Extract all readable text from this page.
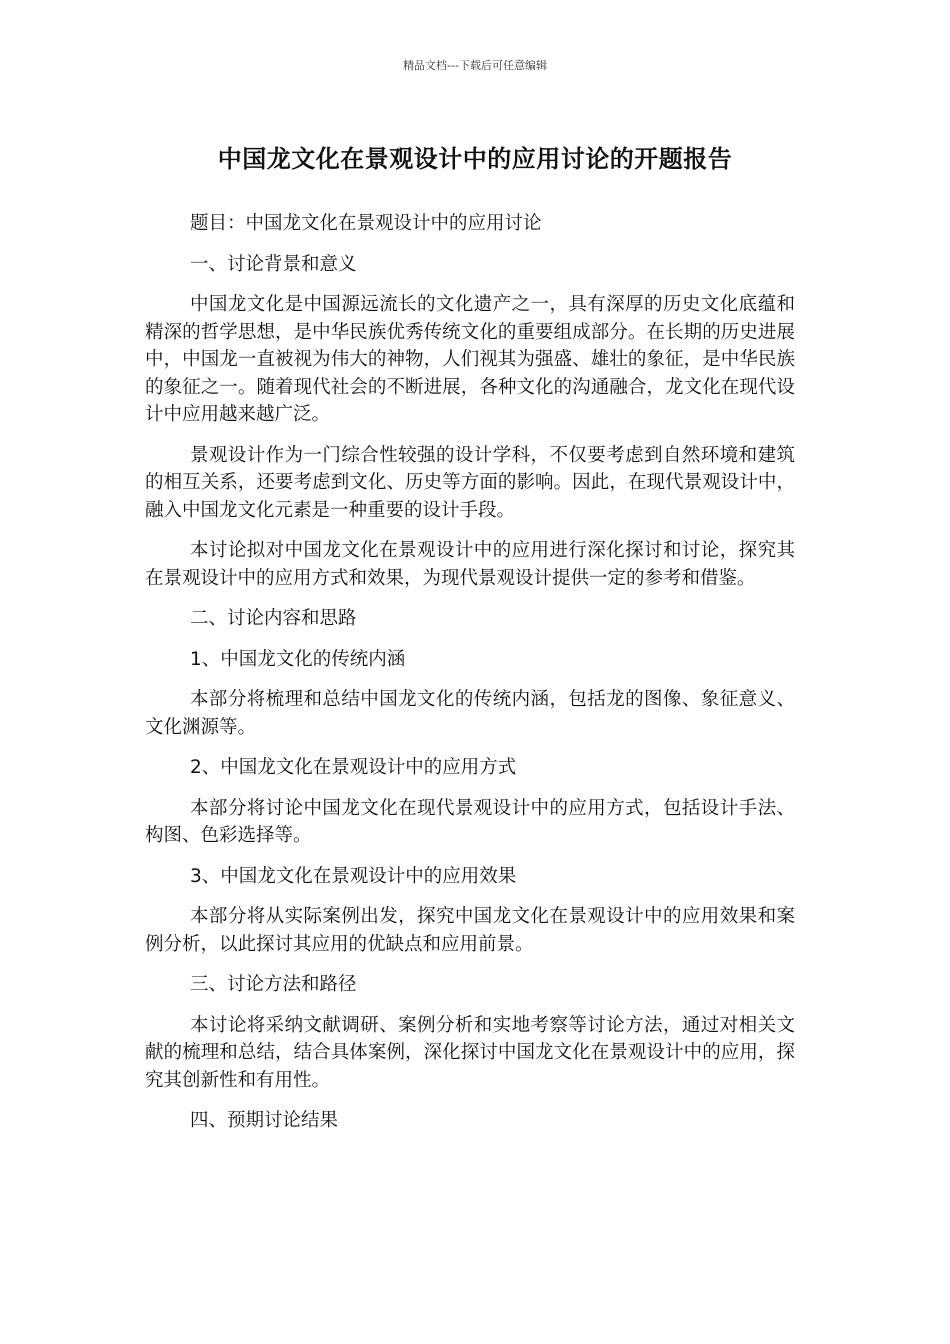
精品文档---下载后可任意编辑
中国龙文化在景观设计中的应用讨论的开题报告

题目：中国龙文化在景观设计中的应用讨论

一、讨论背景和意义

中国龙文化是中国源远流长的文化遗产之一，具有深厚的历史文化底蕴和精深的哲学思想，是中华民族优秀传统文化的重要组成部分。在长期的历史进展中，中国龙一直被视为伟大的神物，人们视其为强盛、雄壮的象征，是中华民族的象征之一。随着现代社会的不断进展，各种文化的沟通融合，龙文化在现代设计中应用越来越广泛。

景观设计作为一门综合性较强的设计学科，不仅要考虑到自然环境和建筑的相互关系，还要考虑到文化、历史等方面的影响。因此，在现代景观设计中，融入中国龙文化元素是一种重要的设计手段。

本讨论拟对中国龙文化在景观设计中的应用进行深化探讨和讨论，探究其在景观设计中的应用方式和效果，为现代景观设计提供一定的参考和借鉴。

二、讨论内容和思路

1、中国龙文化的传统内涵

本部分将梳理和总结中国龙文化的传统内涵，包括龙的图像、象征意义、文化渊源等。

2、中国龙文化在景观设计中的应用方式

本部分将讨论中国龙文化在现代景观设计中的应用方式，包括设计手法、构图、色彩选择等。

3、中国龙文化在景观设计中的应用效果

本部分将从实际案例出发，探究中国龙文化在景观设计中的应用效果和案例分析，以此探讨其应用的优缺点和应用前景。

三、讨论方法和路径

本讨论将采纳文献调研、案例分析和实地考察等讨论方法，通过对相关文献的梳理和总结，结合具体案例，深化探讨中国龙文化在景观设计中的应用，探究其创新性和有用性。

四、预期讨论结果
